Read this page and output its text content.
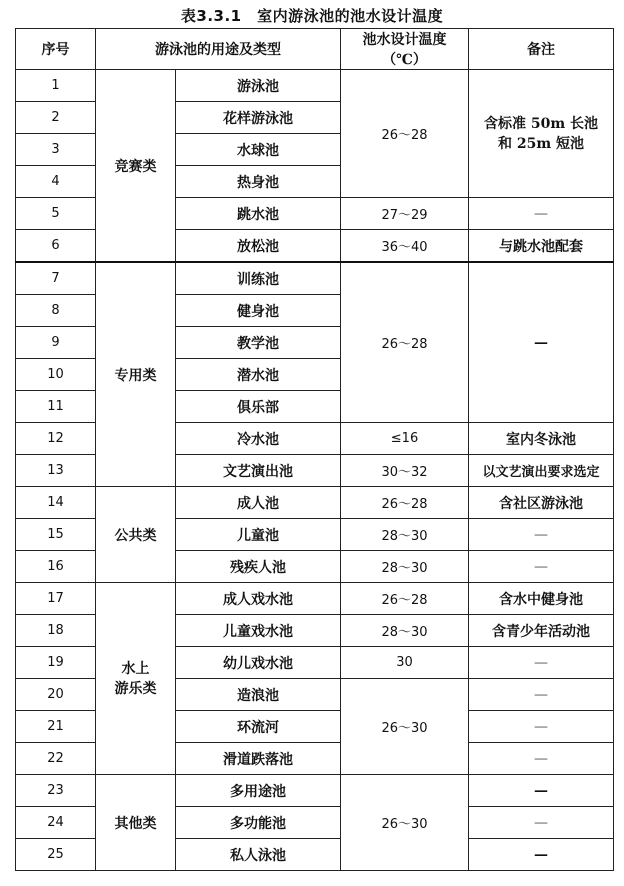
表3.3.1　室内游泳池的池水设计温度
序号	游泳池的用途及类型		池水设计温度
（℃）	备注
1	竞赛类	游泳池	26～28	含标准 50m 长池
和 25m 短池
2		花样游泳池		
3		水球池		
4		热身池		
5		跳水池	27～29	—
6		放松池	36～40	与跳水池配套
7	专用类	训练池	26～28	—
8		健身池		
9		教学池		
10		潜水池		
11		俱乐部		
12		冷水池	≤16	室内冬泳池
13		文艺演出池	30～32	以文艺演出要求选定
14	公共类	成人池	26～28	含社区游泳池
15		儿童池	28～30	—
16		残疾人池	28～30	—
17	水上
游乐类	成人戏水池	26～28	含水中健身池
18		儿童戏水池	28～30	含青少年活动池
19		幼儿戏水池	30	—
20		造浪池	26～30	—
21		环流河		—
22		滑道跌落池		—
23	其他类	多用途池	26～30	—
24		多功能池		—
25		私人泳池		—
